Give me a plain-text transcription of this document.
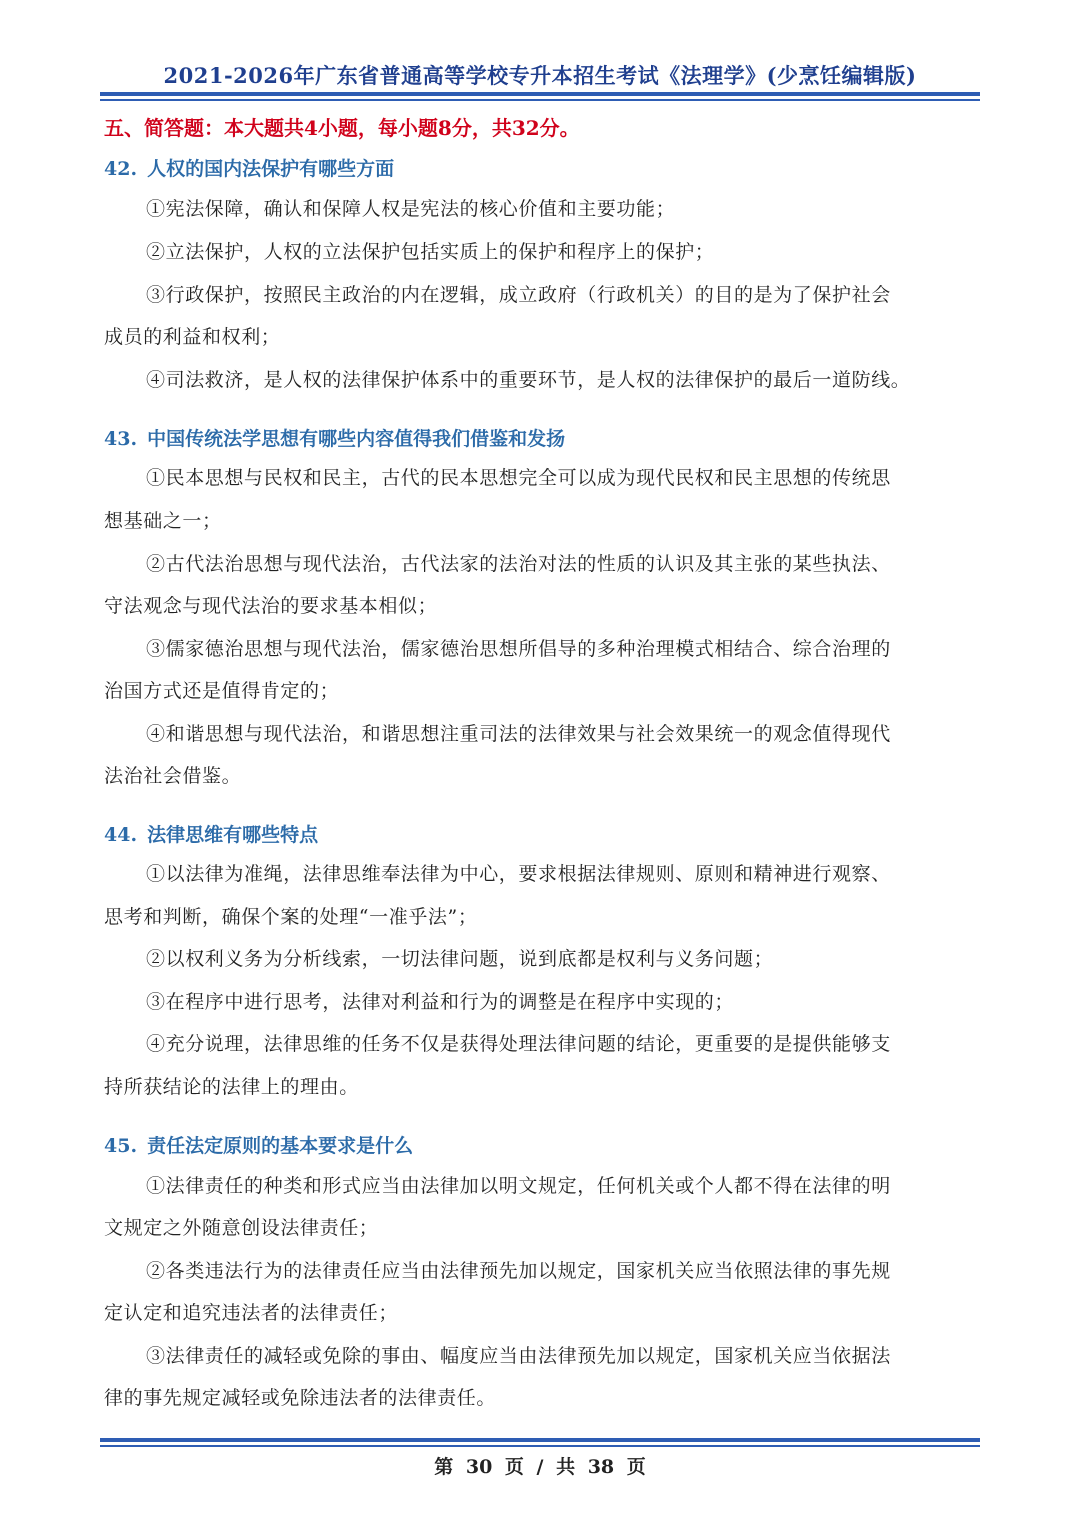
2021-2026年广东省普通高等学校专升本招生考试《法理学》(少烹饪编辑版)
五、简答题：本大题共4小题，每小题8分，共32分。
42. 人权的国内法保护有哪些方面
①宪法保障，确认和保障人权是宪法的核心价值和主要功能；
②立法保护，人权的立法保护包括实质上的保护和程序上的保护；
③行政保护，按照民主政治的内在逻辑，成立政府（行政机关）的目的是为了保护社会
成员的利益和权利；
④司法救济，是人权的法律保护体系中的重要环节，是人权的法律保护的最后一道防线。
43. 中国传统法学思想有哪些内容值得我们借鉴和发扬
①民本思想与民权和民主，古代的民本思想完全可以成为现代民权和民主思想的传统思
想基础之一；
②古代法治思想与现代法治，古代法家的法治对法的性质的认识及其主张的某些执法、
守法观念与现代法治的要求基本相似；
③儒家德治思想与现代法治，儒家德治思想所倡导的多种治理模式相结合、综合治理的
治国方式还是值得肯定的；
④和谐思想与现代法治，和谐思想注重司法的法律效果与社会效果统一的观念值得现代
法治社会借鉴。
44. 法律思维有哪些特点
①以法律为准绳，法律思维奉法律为中心，要求根据法律规则、原则和精神进行观察、
思考和判断，确保个案的处理“一准乎法”；
②以权利义务为分析线索，一切法律问题，说到底都是权利与义务问题；
③在程序中进行思考，法律对利益和行为的调整是在程序中实现的；
④充分说理，法律思维的任务不仅是获得处理法律问题的结论，更重要的是提供能够支
持所获结论的法律上的理由。
45. 责任法定原则的基本要求是什么
①法律责任的种类和形式应当由法律加以明文规定，任何机关或个人都不得在法律的明
文规定之外随意创设法律责任；
②各类违法行为的法律责任应当由法律预先加以规定，国家机关应当依照法律的事先规
定认定和追究违法者的法律责任；
③法律责任的减轻或免除的事由、幅度应当由法律预先加以规定，国家机关应当依据法
律的事先规定减轻或免除违法者的法律责任。
第 30 页 / 共 38 页
